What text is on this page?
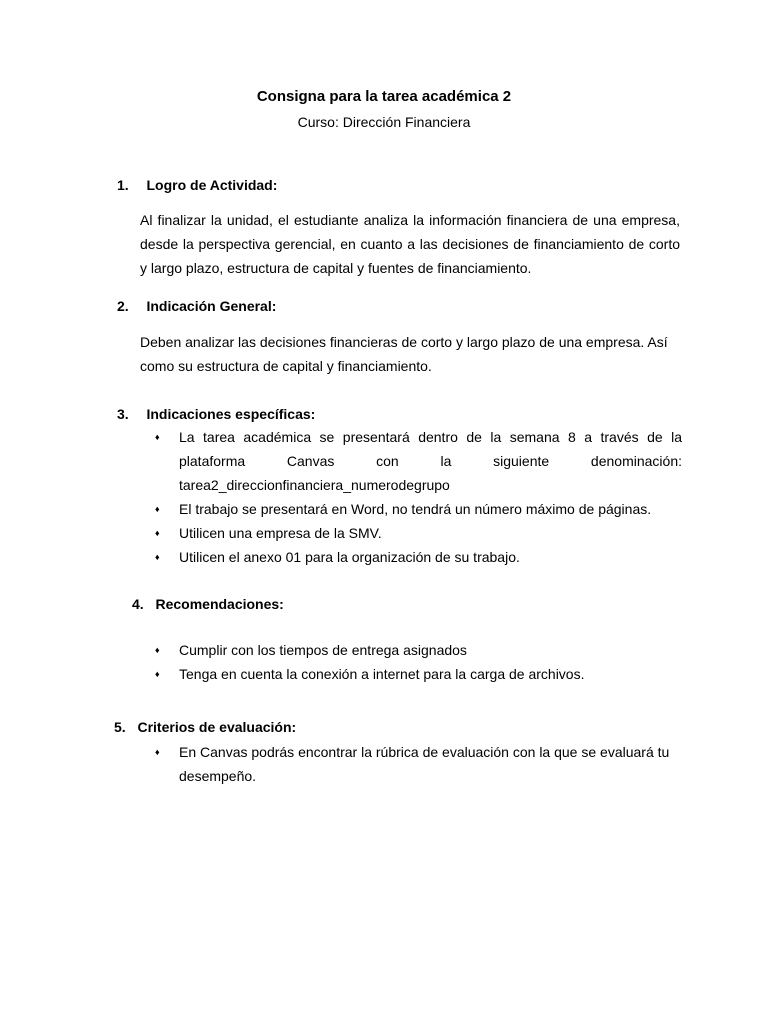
Consigna para la tarea académica 2
Curso: Dirección Financiera
1. Logro de Actividad:
Al finalizar la unidad, el estudiante analiza la información financiera de una empresa, desde la perspectiva gerencial, en cuanto a las decisiones de financiamiento de corto y largo plazo, estructura de capital y fuentes de financiamiento.
2. Indicación General:
Deben analizar las decisiones financieras de corto y largo plazo de una empresa. Así como su estructura de capital y financiamiento.
3. Indicaciones específicas:
♦ La tarea académica se presentará dentro de la semana 8 a través de la
plataforma Canvas con la siguiente denominación:
tarea2_direccionfinanciera_numerodegrupo
♦ El trabajo se presentará en Word, no tendrá un número máximo de páginas.
♦ Utilicen una empresa de la SMV.
♦ Utilicen el anexo 01 para la organización de su trabajo.
4. Recomendaciones:
♦ Cumplir con los tiempos de entrega asignados
♦ Tenga en cuenta la conexión a internet para la carga de archivos.
5. Criterios de evaluación:
♦ En Canvas podrás encontrar la rúbrica de evaluación con la que se evaluará tu desempeño.
